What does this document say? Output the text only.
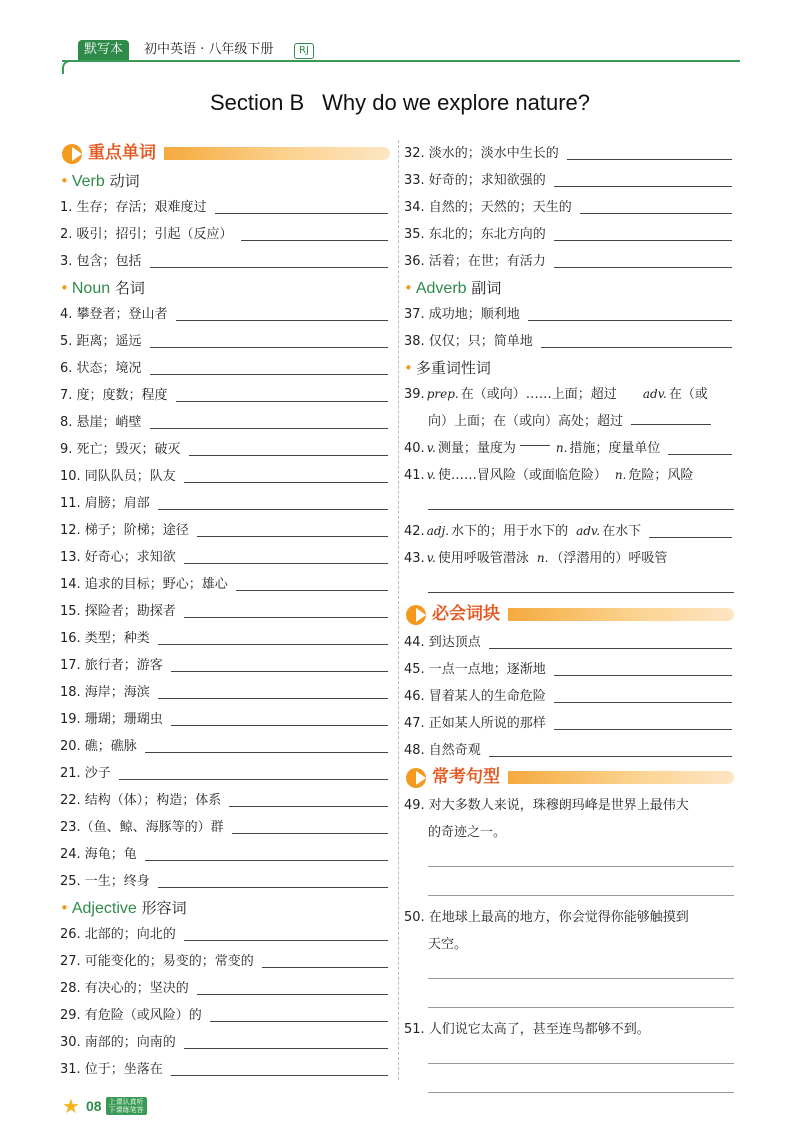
默写本	初中英语 · 八年级下册	RJ
Section B Why do we explore nature?
重点单词
• Verb 动词
1. 生存；存活；艰难度过
2. 吸引；招引；引起（反应）
3. 包含；包括
• Noun 名词
4. 攀登者；登山者
5. 距离；遥远
6. 状态；境况
7. 度；度数；程度
8. 悬崖；峭壁
9. 死亡；毁灭；破灭
10. 同队队员；队友
11. 肩膀；肩部
12. 梯子；阶梯；途径
13. 好奇心；求知欲
14. 追求的目标；野心；雄心
15. 探险者；勘探者
16. 类型；种类
17. 旅行者；游客
18. 海岸；海滨
19. 珊瑚；珊瑚虫
20. 礁；礁脉
21. 沙子
22. 结构（体）；构造；体系
23.（鱼、鲸、海豚等的）群
24. 海龟；龟
25. 一生；终身
• Adjective 形容词
26. 北部的；向北的
27. 可能变化的；易变的；常变的
28. 有决心的；坚决的
29. 有危险（或风险）的
30. 南部的；向南的
31. 位于；坐落在
32. 淡水的；淡水中生长的
33. 好奇的；求知欲强的
34. 自然的；天然的；天生的
35. 东北的；东北方向的
36. 活着；在世；有活力
• Adverb 副词
37. 成功地；顺利地
38. 仅仅；只；简单地
• 多重词性词
39. prep. 在（或向）……上面；超过 adv. 在（或
向）上面；在（或向）高处；超过
40. v. 测量；量度为	n. 措施；度量单位
41. v. 使……冒风险（或面临危险） n. 危险；风险
42. adj. 水下的；用于水下的 adv. 在水下
43. v. 使用呼吸管潜泳 n. （浮潜用的）呼吸管
必会词块
44. 到达顶点
45. 一点一点地；逐渐地
46. 冒着某人的生命危险
47. 正如某人所说的那样
48. 自然奇观
常考句型
49. 对大多数人来说，珠穆朗玛峰是世界上最伟大
的奇迹之一。
50. 在地球上最高的地方，你会觉得你能够触摸到
天空。
51. 人们说它太高了，甚至连鸟都够不到。
★ 08 上课认真听
下课练笔答
